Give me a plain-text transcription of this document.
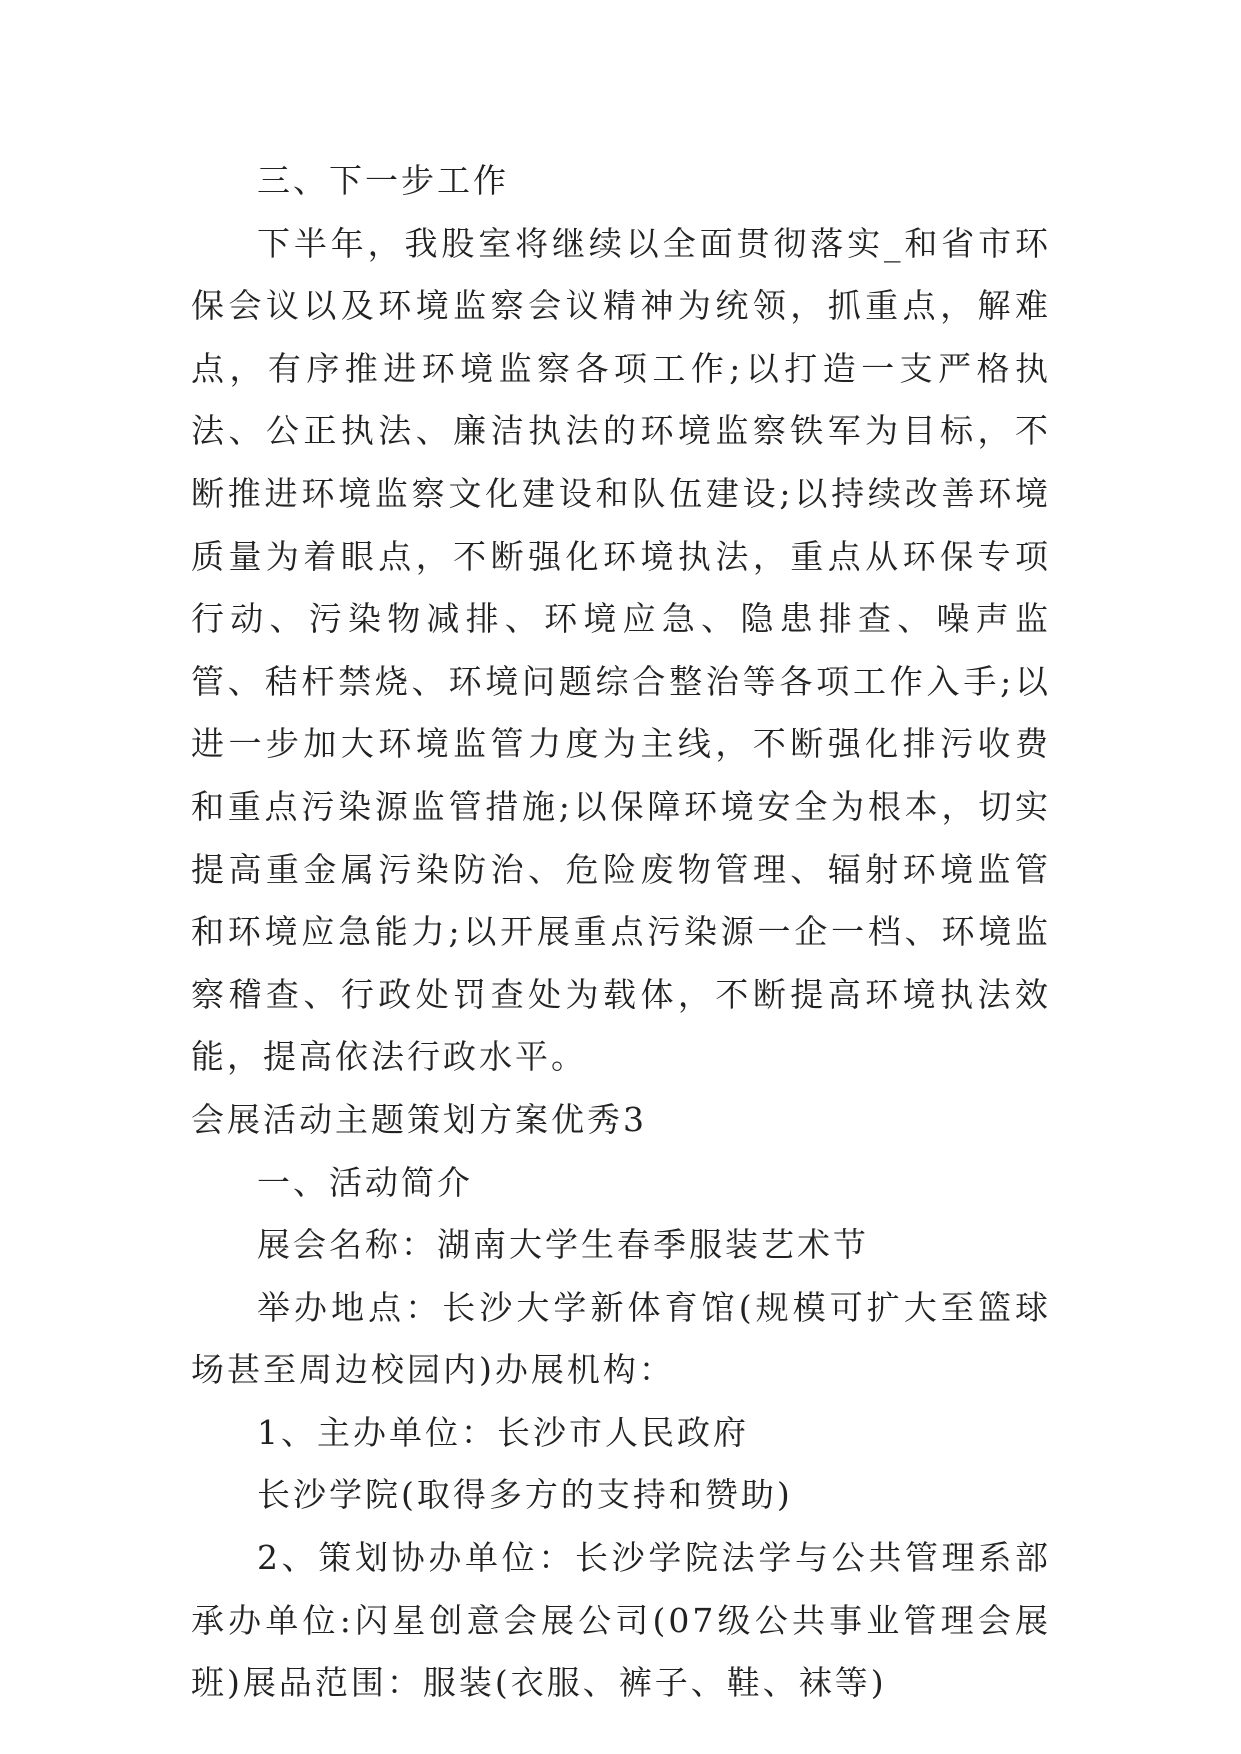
三、下一步工作

下半年，我股室将继续以全面贯彻落实_和省市环保会议以及环境监察会议精神为统领，抓重点，解难点，有序推进环境监察各项工作;以打造一支严格执法、公正执法、廉洁执法的环境监察铁军为目标，不断推进环境监察文化建设和队伍建设;以持续改善环境质量为着眼点，不断强化环境执法，重点从环保专项行动、污染物减排、环境应急、隐患排查、噪声监管、秸杆禁烧、环境问题综合整治等各项工作入手;以进一步加大环境监管力度为主线，不断强化排污收费和重点污染源监管措施;以保障环境安全为根本，切实提高重金属污染防治、危险废物管理、辐射环境监管和环境应急能力;以开展重点污染源一企一档、环境监察稽查、行政处罚查处为载体，不断提高环境执法效能，提高依法行政水平。

会展活动主题策划方案优秀3

一、活动简介

展会名称：湖南大学生春季服装艺术节

举办地点：长沙大学新体育馆(规模可扩大至篮球场甚至周边校园内)办展机构：

1、主办单位：长沙市人民政府

长沙学院(取得多方的支持和赞助)

2、策划协办单位：长沙学院法学与公共管理系部承办单位:闪星创意会展公司(07级公共事业管理会展班)展品范围：服装(衣服、裤子、鞋、袜等)
